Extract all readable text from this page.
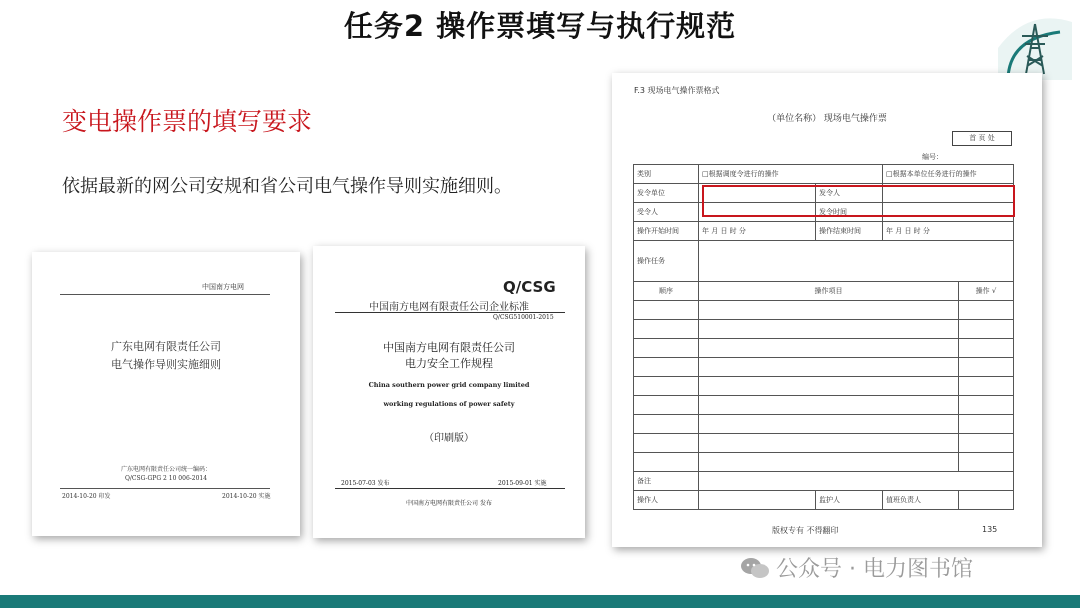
任务2 操作票填写与执行规范
变电操作票的填写要求
依据最新的网公司安规和省公司电气操作导则实施细则。
中国南方电网
广东电网有限责任公司
电气操作导则实施细则
广东电网有限责任公司统一编码：
Q/CSG-GPG 2 10 006-2014
2014-10-20 印发	2014-10-20 实施
Q/CSG
中国南方电网有限责任公司企业标准
Q/CSG510001-2015
中国南方电网有限责任公司
电力安全工作规程
China southern power grid company limited
working regulations of power safety
（印刷版）
2015-07-03 发布	2015-09-01 实施
中国南方电网有限责任公司 发布
F.3 现场电气操作票格式
（单位名称） 现场电气操作票
首 页 处
编号：
类别	□根据调度令进行的操作		□根据本单位任务进行的操作	
发令单位		发令人		
受令人		发令时间		
操作开始时间	年 月 日 时 分	操作结束时间	年 月 日 时 分	
操作任务				
顺序	操作项目			操作 √

备注				
操作人		监护人	值班负责人	
版权专有 不得翻印	135
公众号 · 电力图书馆
